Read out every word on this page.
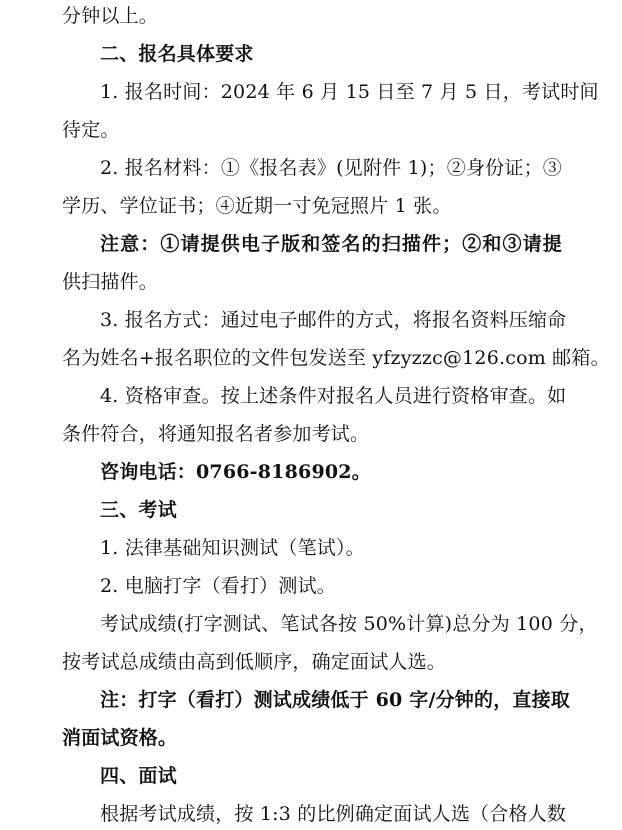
分钟以上。
二、报名具体要求
1. 报名时间：2024 年 6 月 15 日至 7 月 5 日，考试时间
待定。
2. 报名材料：①《报名表》(见附件 1)；②身份证；③
学历、学位证书；④近期一寸免冠照片 1 张。
注意：①请提供电子版和签名的扫描件；②和③请提
供扫描件。
3. 报名方式：通过电子邮件的方式，将报名资料压缩命
名为姓名+报名职位的文件包发送至 yfzyzzc@126.com 邮箱。
4. 资格审查。按上述条件对报名人员进行资格审查。如
条件符合，将通知报名者参加考试。
咨询电话：0766-8186902。
三、考试
1. 法律基础知识测试（笔试）。
2. 电脑打字（看打）测试。
考试成绩(打字测试、笔试各按 50%计算)总分为 100 分，
按考试总成绩由高到低顺序，确定面试人选。
注：打字（看打）测试成绩低于 60 字/分钟的，直接取
消面试资格。
四、面试
根据考试成绩，按 1:3 的比例确定面试人选（合格人数
